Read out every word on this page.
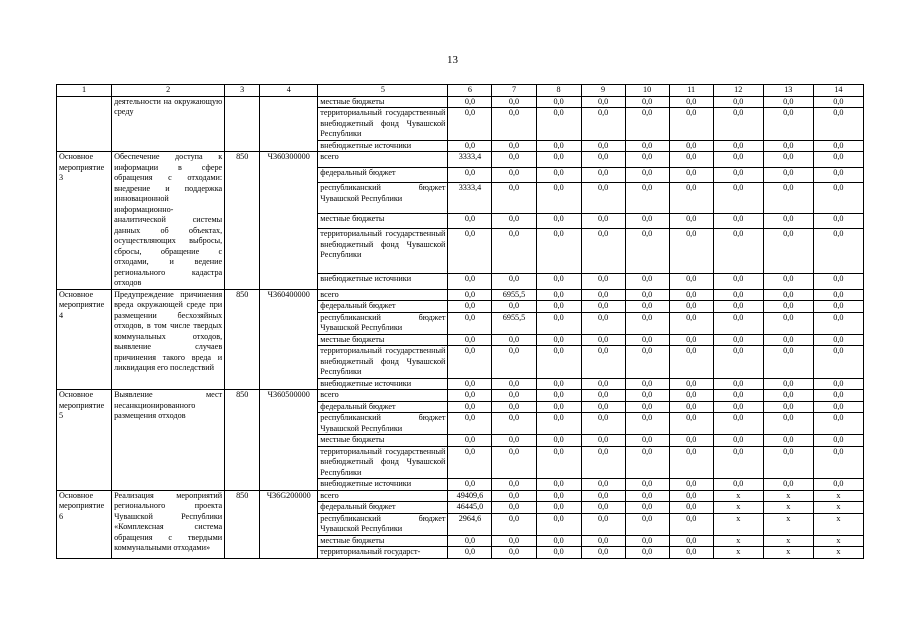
13
1	2	3	4	5	6	7	8	9	10	11	12	13	14
	деятельности на окружающую среду			местные бюджеты	0,0	0,0	0,0	0,0	0,0	0,0	0,0	0,0	0,0
				территориальный государственный внебюджетный фонд Чувашской Республики	0,0	0,0	0,0	0,0	0,0	0,0	0,0	0,0	0,0
				внебюджетные источники	0,0	0,0	0,0	0,0	0,0	0,0	0,0	0,0	0,0
Основное мероприятие 3	Обеспечение доступа к информации в сфере обращения с отходами: внедрение и поддержка инновационной информационно-аналитической системы данных об объектах, осуществляющих выбросы, сбросы, обращение с отходами, и ведение регионального кадастра отходов	850	Ч360300000	всего	3333,4	0,0	0,0	0,0	0,0	0,0	0,0	0,0	0,0
				федеральный бюджет	0,0	0,0	0,0	0,0	0,0	0,0	0,0	0,0	0,0
				республиканский бюджет Чувашской Республики	3333,4	0,0	0,0	0,0	0,0	0,0	0,0	0,0	0,0
				местные бюджеты	0,0	0,0	0,0	0,0	0,0	0,0	0,0	0,0	0,0
				территориальный государственный внебюджетный фонд Чувашской Республики	0,0	0,0	0,0	0,0	0,0	0,0	0,0	0,0	0,0
				внебюджетные источники	0,0	0,0	0,0	0,0	0,0	0,0	0,0	0,0	0,0
Основное мероприятие 4	Предупреждение причинения вреда окружающей среде при размещении бесхозяйных отходов, в том числе твердых коммунальных отходов, выявление случаев причинения такого вреда и ликвидация его последствий	850	Ч360400000	всего	0,0	6955,5	0,0	0,0	0,0	0,0	0,0	0,0	0,0
				федеральный бюджет	0,0	0,0	0,0	0,0	0,0	0,0	0,0	0,0	0,0
				республиканский бюджет Чувашской Республики	0,0	6955,5	0,0	0,0	0,0	0,0	0,0	0,0	0,0
				местные бюджеты	0,0	0,0	0,0	0,0	0,0	0,0	0,0	0,0	0,0
				территориальный государственный внебюджетный фонд Чувашской Республики	0,0	0,0	0,0	0,0	0,0	0,0	0,0	0,0	0,0
				внебюджетные источники	0,0	0,0	0,0	0,0	0,0	0,0	0,0	0,0	0,0
Основное мероприятие 5	Выявление мест несанкционированного размещения отходов	850	Ч360500000	всего	0,0	0,0	0,0	0,0	0,0	0,0	0,0	0,0	0,0
				федеральный бюджет	0,0	0,0	0,0	0,0	0,0	0,0	0,0	0,0	0,0
				республиканский бюджет Чувашской Республики	0,0	0,0	0,0	0,0	0,0	0,0	0,0	0,0	0,0
				местные бюджеты	0,0	0,0	0,0	0,0	0,0	0,0	0,0	0,0	0,0
				территориальный государственный внебюджетный фонд Чувашской Республики	0,0	0,0	0,0	0,0	0,0	0,0	0,0	0,0	0,0
				внебюджетные источники	0,0	0,0	0,0	0,0	0,0	0,0	0,0	0,0	0,0
Основное мероприятие 6	Реализация мероприятий регионального проекта Чувашской Республики «Комплексная система обращения с твердыми коммунальными отходами»	850	Ч36G200000	всего	49409,6	0,0	0,0	0,0	0,0	0,0	x	x	x
				федеральный бюджет	46445,0	0,0	0,0	0,0	0,0	0,0	x	x	x
				республиканский бюджет Чувашской Республики	2964,6	0,0	0,0	0,0	0,0	0,0	x	x	x
				местные бюджеты	0,0	0,0	0,0	0,0	0,0	0,0	x	x	x
				территориальный государст-	0,0	0,0	0,0	0,0	0,0	0,0	x	x	x
